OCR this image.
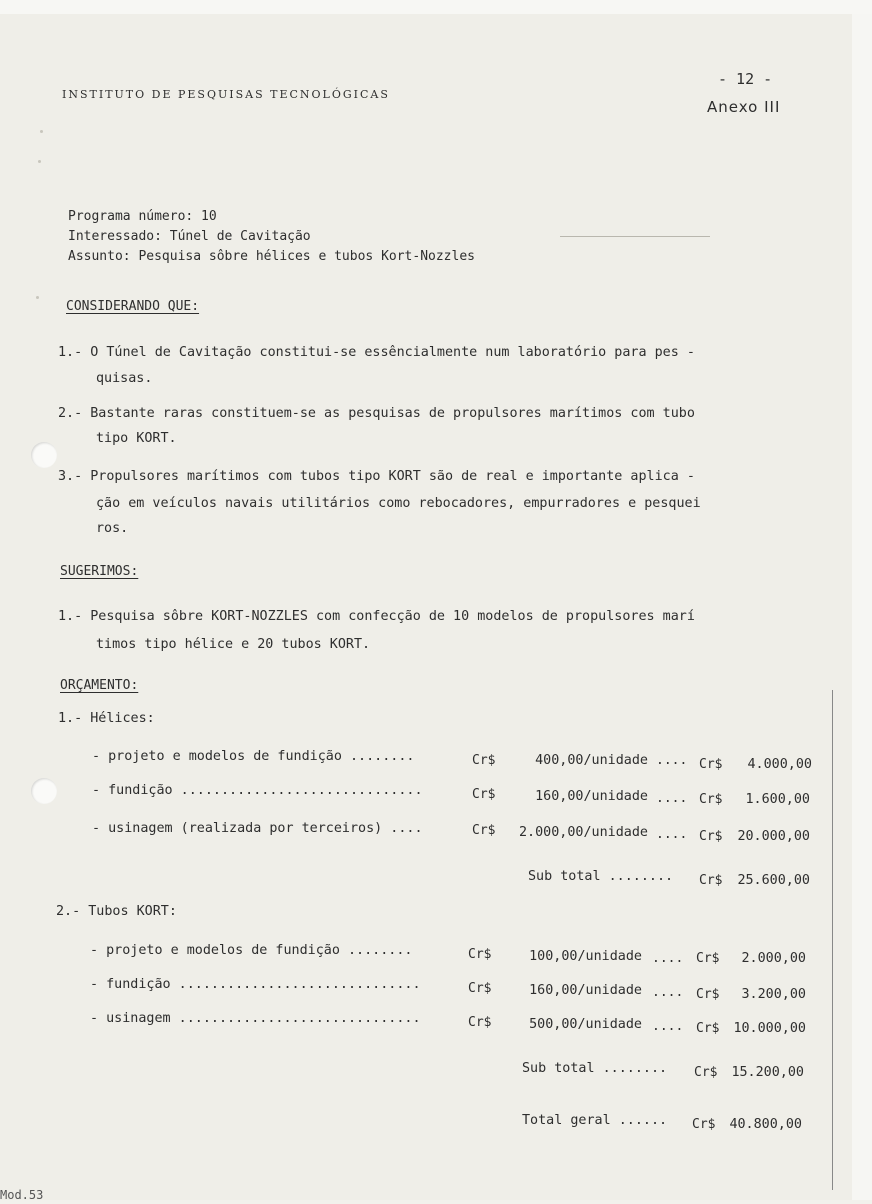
INSTITUTO DE PESQUISAS TECNOLÓGICAS
- 12 -
Anexo III
Programa número: 10
Interessado: Túnel de Cavitação
Assunto: Pesquisa sôbre hélices e tubos Kort-Nozzles
CONSIDERANDO QUE:
1.- O Túnel de Cavitação constitui-se essêncialmente num laboratório para pes -
quisas.
2.- Bastante raras constituem-se as pesquisas de propulsores marítimos com tubo
tipo KORT.
3.- Propulsores marítimos com tubos tipo KORT são de real e importante aplica -
ção em veículos navais utilitários como rebocadores, empurradores e pesquei
ros.
SUGERIMOS:
1.- Pesquisa sôbre KORT-NOZZLES com confecção de 10 modelos de propulsores marí
timos tipo hélice e 20 tubos KORT.
ORÇAMENTO:
1.- Hélices:
- projeto e modelos de fundição ........	Cr$	400,00/unidade .... Cr$ 4.000,00
- fundição ..............................	Cr$	160,00/unidade .... Cr$ 1.600,00
- usinagem (realizada por terceiros) ....	Cr$ 2.000,00/unidade .... Cr$ 20.000,00
Sub total ........ Cr$ 25.600,00
2.- Tubos KORT:
- projeto e modelos de fundição ........	Cr$	100,00/unidade .... Cr$ 2.000,00
- fundição ..............................	Cr$	160,00/unidade .... Cr$ 3.200,00
- usinagem ..............................	Cr$	500,00/unidade .... Cr$ 10.000,00
Sub total ........ Cr$ 15.200,00
Total geral ...... Cr$ 40.800,00
Mod.53
